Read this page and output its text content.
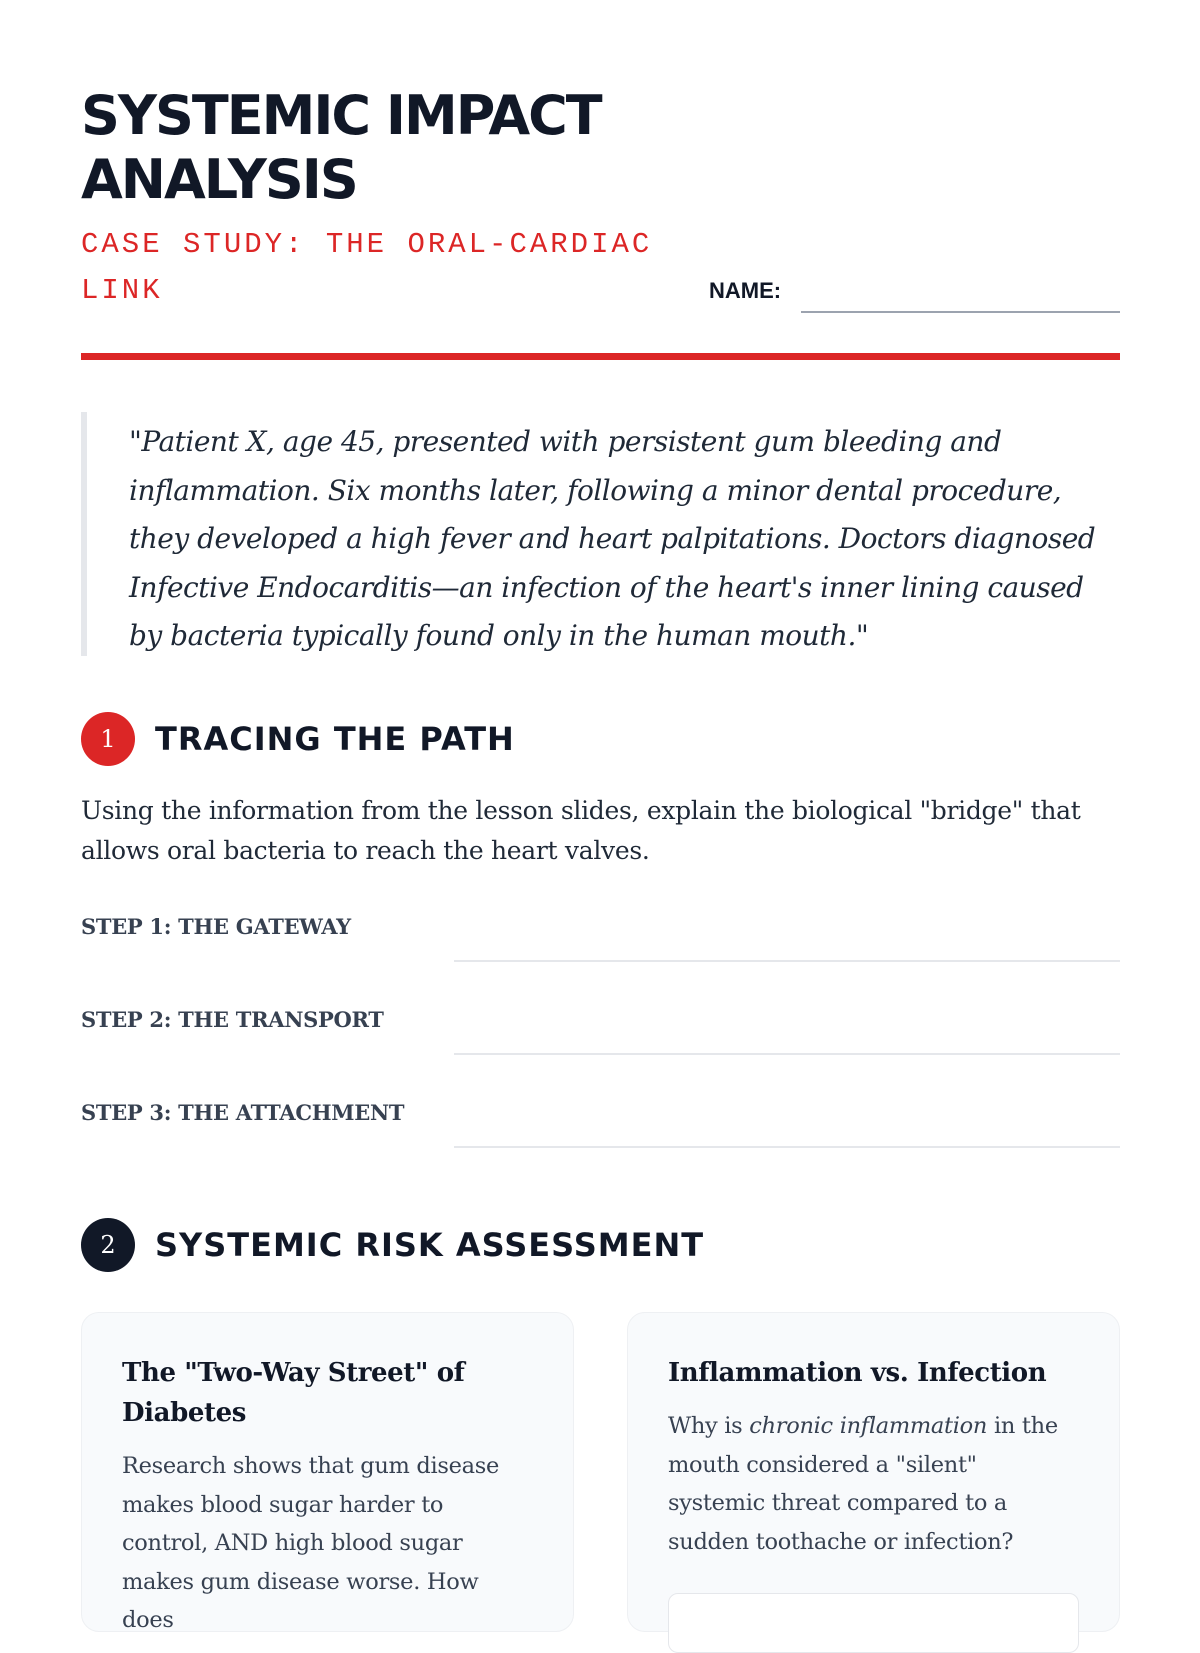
SYSTEMIC IMPACT ANALYSIS
CASE STUDY: THE ORAL-CARDIAC LINK	NAME:

"Patient X, age 45, presented with persistent gum bleeding and inflammation. Six months later, following a minor dental procedure, they developed a high fever and heart palpitations. Doctors diagnosed Infective Endocarditis—an infection of the heart's inner lining caused by bacteria typically found only in the human mouth."

1	TRACING THE PATH

Using the information from the lesson slides, explain the biological "bridge" that allows oral bacteria to reach the heart valves.

STEP 1: THE GATEWAY
STEP 2: THE TRANSPORT
STEP 3: THE ATTACHMENT
2	SYSTEMIC RISK ASSESSMENT
The "Two-Way Street" of Diabetes

Research shows that gum disease makes blood sugar harder to control, AND high blood sugar makes gum disease worse. How does

Inflammation vs. Infection

Why is chronic inflammation in the mouth considered a "silent" systemic threat compared to a sudden toothache or infection?
